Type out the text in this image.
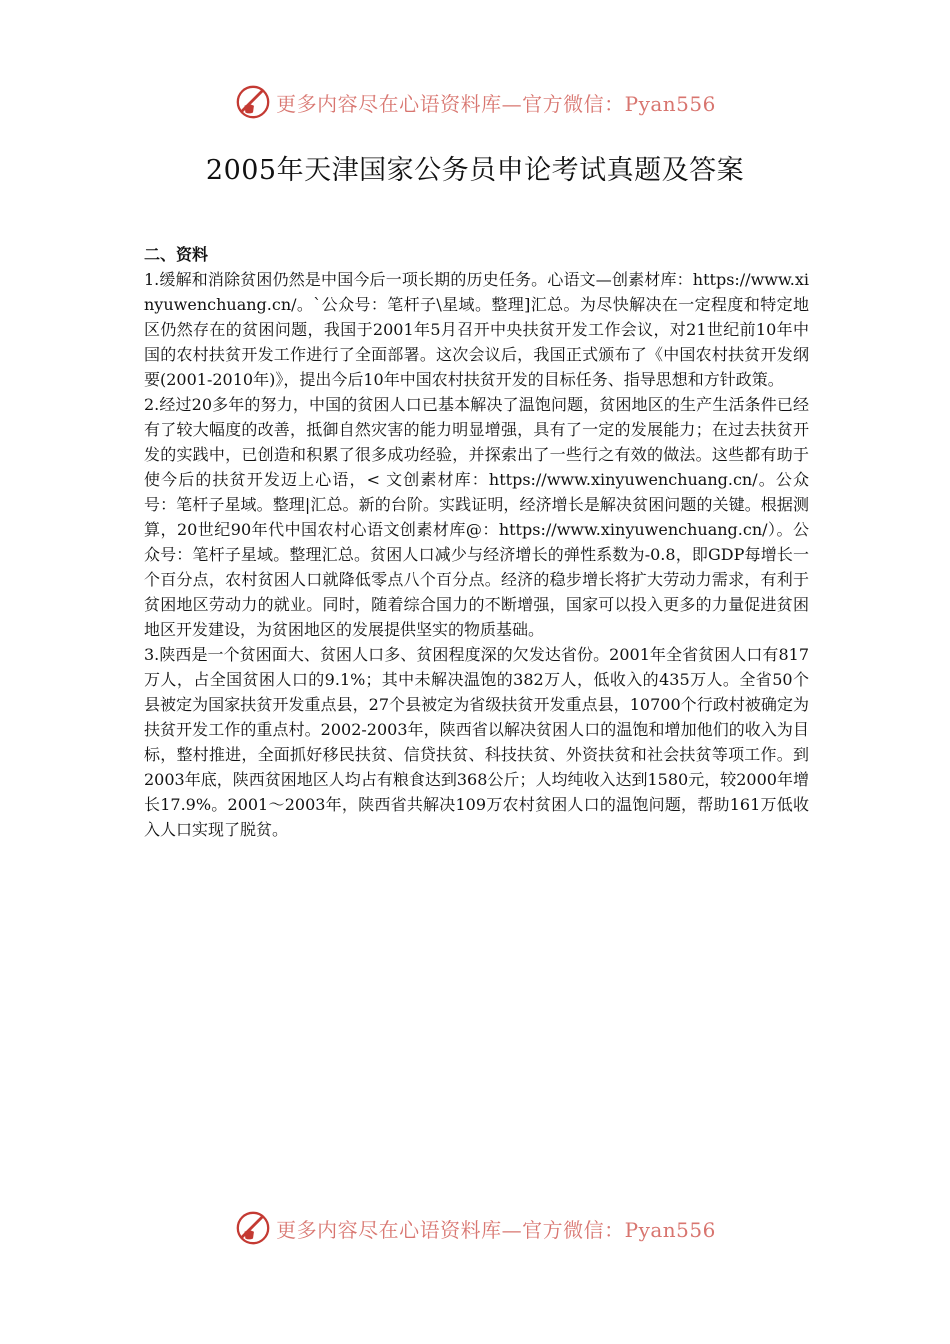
更多内容尽在心语资料库—官方微信：Pyan556
2005年天津国家公务员申论考试真题及答案

二、资料

1.缓解和消除贫困仍然是中国今后一项长期的历史任务。心语文—创素材库：https://www.xinyuwenchuang.cn/。`公众号：笔杆子\星域。整理]汇总。为尽快解决在一定程度和特定地区仍然存在的贫困问题，我国于2001年5月召开中央扶贫开发工作会议，对21世纪前10年中国的农村扶贫开发工作进行了全面部署。这次会议后，我国正式颁布了《中国农村扶贫开发纲要(2001-2010年)》，提出今后10年中国农村扶贫开发的目标任务、指导思想和方针政策。

2.经过20多年的努力，中国的贫困人口已基本解决了温饱问题，贫困地区的生产生活条件已经有了较大幅度的改善，抵御自然灾害的能力明显增强，具有了一定的发展能力；在过去扶贫开发的实践中，已创造和积累了很多成功经验，并探索出了一些行之有效的做法。这些都有助于使今后的扶贫开发迈上心语，< 文创素材库：https://www.xinyuwenchuang.cn/。公众号：笔杆子星域。整理|汇总。新的台阶。实践证明，经济增长是解决贫困问题的关键。根据测算，20世纪90年代中国农村心语文创素材库@：https://www.xinyuwenchuang.cn/）。公众号：笔杆子星域。整理汇总。贫困人口减少与经济增长的弹性系数为-0.8，即GDP每增长一个百分点，农村贫困人口就降低零点八个百分点。经济的稳步增长将扩大劳动力需求，有利于贫困地区劳动力的就业。同时，随着综合国力的不断增强，国家可以投入更多的力量促进贫困地区开发建设，为贫困地区的发展提供坚实的物质基础。

3.陕西是一个贫困面大、贫困人口多、贫困程度深的欠发达省份。2001年全省贫困人口有817万人，占全国贫困人口的9.1%；其中未解决温饱的382万人，低收入的435万人。全省50个县被定为国家扶贫开发重点县，27个县被定为省级扶贫开发重点县，10700个行政村被确定为扶贫开发工作的重点村。2002-2003年，陕西省以解决贫困人口的温饱和增加他们的收入为目标，整村推进，全面抓好移民扶贫、信贷扶贫、科技扶贫、外资扶贫和社会扶贫等项工作。到2003年底，陕西贫困地区人均占有粮食达到368公斤；人均纯收入达到1580元，较2000年增长17.9%。2001～2003年，陕西省共解决109万农村贫困人口的温饱问题，帮助161万低收入人口实现了脱贫。

更多内容尽在心语资料库—官方微信：Pyan556
